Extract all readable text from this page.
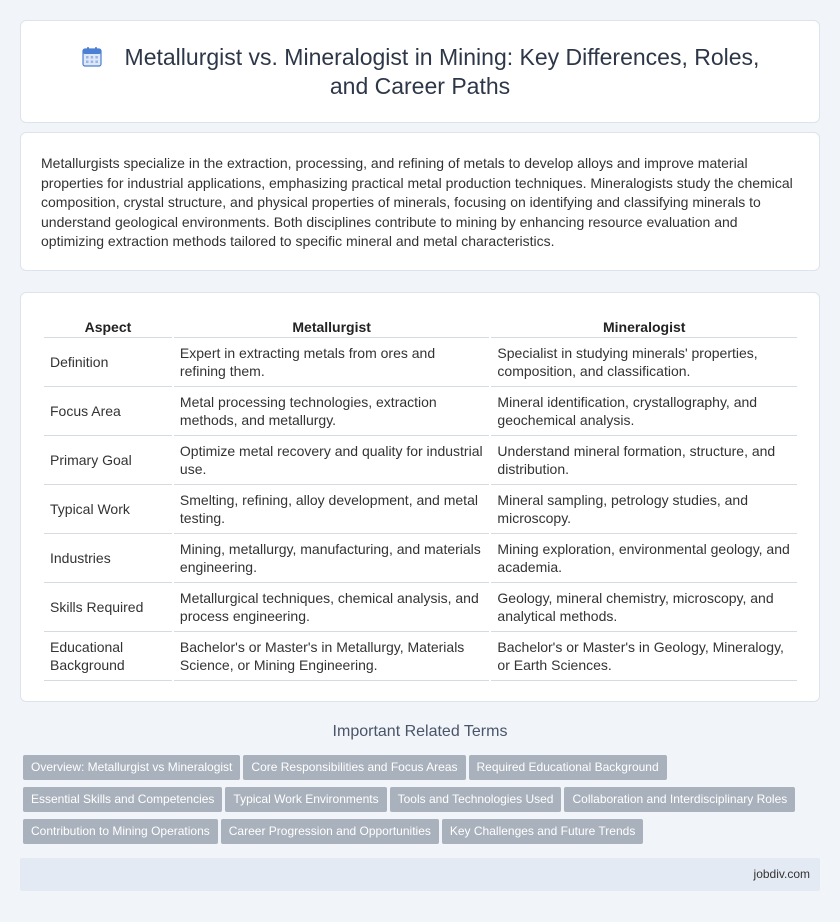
Metallurgist vs. Mineralogist in Mining: Key Differences, Roles, and Career Paths

Metallurgists specialize in the extraction, processing, and refining of metals to develop alloys and improve material properties for industrial applications, emphasizing practical metal production techniques. Mineralogists study the chemical composition, crystal structure, and physical properties of minerals, focusing on identifying and classifying minerals to understand geological environments. Both disciplines contribute to mining by enhancing resource evaluation and optimizing extraction methods tailored to specific mineral and metal characteristics.

Aspect	Metallurgist	Mineralogist
Definition	Expert in extracting metals from ores and refining them.	Specialist in studying minerals' properties, composition, and classification.
Focus Area	Metal processing technologies, extraction methods, and metallurgy.	Mineral identification, crystallography, and geochemical analysis.
Primary Goal	Optimize metal recovery and quality for industrial use.	Understand mineral formation, structure, and distribution.
Typical Work	Smelting, refining, alloy development, and metal testing.	Mineral sampling, petrology studies, and microscopy.
Industries	Mining, metallurgy, manufacturing, and materials engineering.	Mining exploration, environmental geology, and academia.
Skills Required	Metallurgical techniques, chemical analysis, and process engineering.	Geology, mineral chemistry, microscopy, and analytical methods.
Educational Background	Bachelor's or Master's in Metallurgy, Materials Science, or Mining Engineering.	Bachelor's or Master's in Geology, Mineralogy, or Earth Sciences.
Important Related Terms
Overview: Metallurgist vs Mineralogist Core Responsibilities and Focus Areas Required Educational Background
Essential Skills and Competencies Typical Work Environments Tools and Technologies Used Collaboration and Interdisciplinary Roles
Contribution to Mining Operations Career Progression and Opportunities Key Challenges and Future Trends
jobdiv.com
